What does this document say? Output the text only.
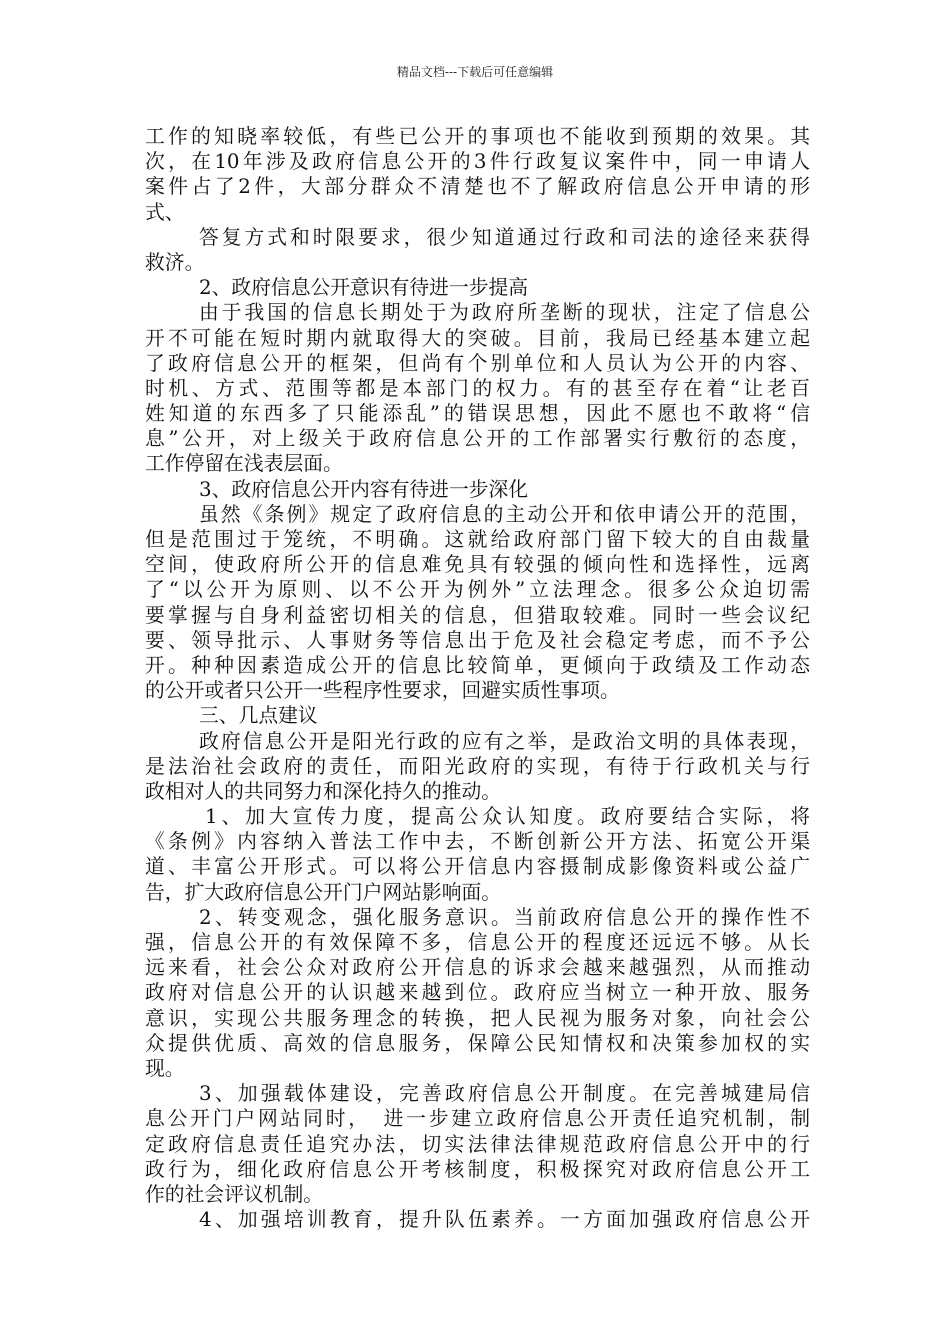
精品文档---下载后可任意编辑
工作的知晓率较低，有些已公开的事项也不能收到预期的效果。其
次，在10年涉及政府信息公开的3件行政复议案件中，同一申请人
案件占了2件，大部分群众不清楚也不了解政府信息公开申请的形
式、
答复方式和时限要求，很少知道通过行政和司法的途径来获得
救济。
2、政府信息公开意识有待进一步提高
由于我国的信息长期处于为政府所垄断的现状，注定了信息公
开不可能在短时期内就取得大的突破。目前，我局已经基本建立起
了政府信息公开的框架，但尚有个别单位和人员认为公开的内容、
时机、方式、范围等都是本部门的权力。有的甚至存在着“让老百
姓知道的东西多了只能添乱”的错误思想，因此不愿也不敢将“信
息”公开，对上级关于政府信息公开的工作部署实行敷衍的态度，
工作停留在浅表层面。
3、政府信息公开内容有待进一步深化
虽然《条例》规定了政府信息的主动公开和依申请公开的范围，
但是范围过于笼统，不明确。这就给政府部门留下较大的自由裁量
空间，使政府所公开的信息难免具有较强的倾向性和选择性，远离
了“以公开为原则、以不公开为例外”立法理念。很多公众迫切需
要掌握与自身利益密切相关的信息，但猎取较难。同时一些会议纪
要、领导批示、人事财务等信息出于危及社会稳定考虑，而不予公
开。种种因素造成公开的信息比较简单，更倾向于政绩及工作动态
的公开或者只公开一些程序性要求，回避实质性事项。
三、几点建议
政府信息公开是阳光行政的应有之举，是政治文明的具体表现，
是法治社会政府的责任，而阳光政府的实现，有待于行政机关与行
政相对人的共同努力和深化持久的推动。
1、加大宣传力度，提高公众认知度。政府要结合实际，将
《条例》内容纳入普法工作中去，不断创新公开方法、拓宽公开渠
道、丰富公开形式。可以将公开信息内容摄制成影像资料或公益广
告，扩大政府信息公开门户网站影响面。
2、转变观念，强化服务意识。当前政府信息公开的操作性不
强，信息公开的有效保障不多，信息公开的程度还远远不够。从长
远来看，社会公众对政府公开信息的诉求会越来越强烈，从而推动
政府对信息公开的认识越来越到位。政府应当树立一种开放、服务
意识，实现公共服务理念的转换，把人民视为服务对象，向社会公
众提供优质、高效的信息服务，保障公民知情权和决策参加权的实
现。
3、加强载体建设，完善政府信息公开制度。在完善城建局信
息公开门户网站同时，　进一步建立政府信息公开责任追究机制，制
定政府信息责任追究办法，切实法律法律规范政府信息公开中的行
政行为，细化政府信息公开考核制度，积极探究对政府信息公开工
作的社会评议机制。
4、加强培训教育，提升队伍素养。一方面加强政府信息公开
